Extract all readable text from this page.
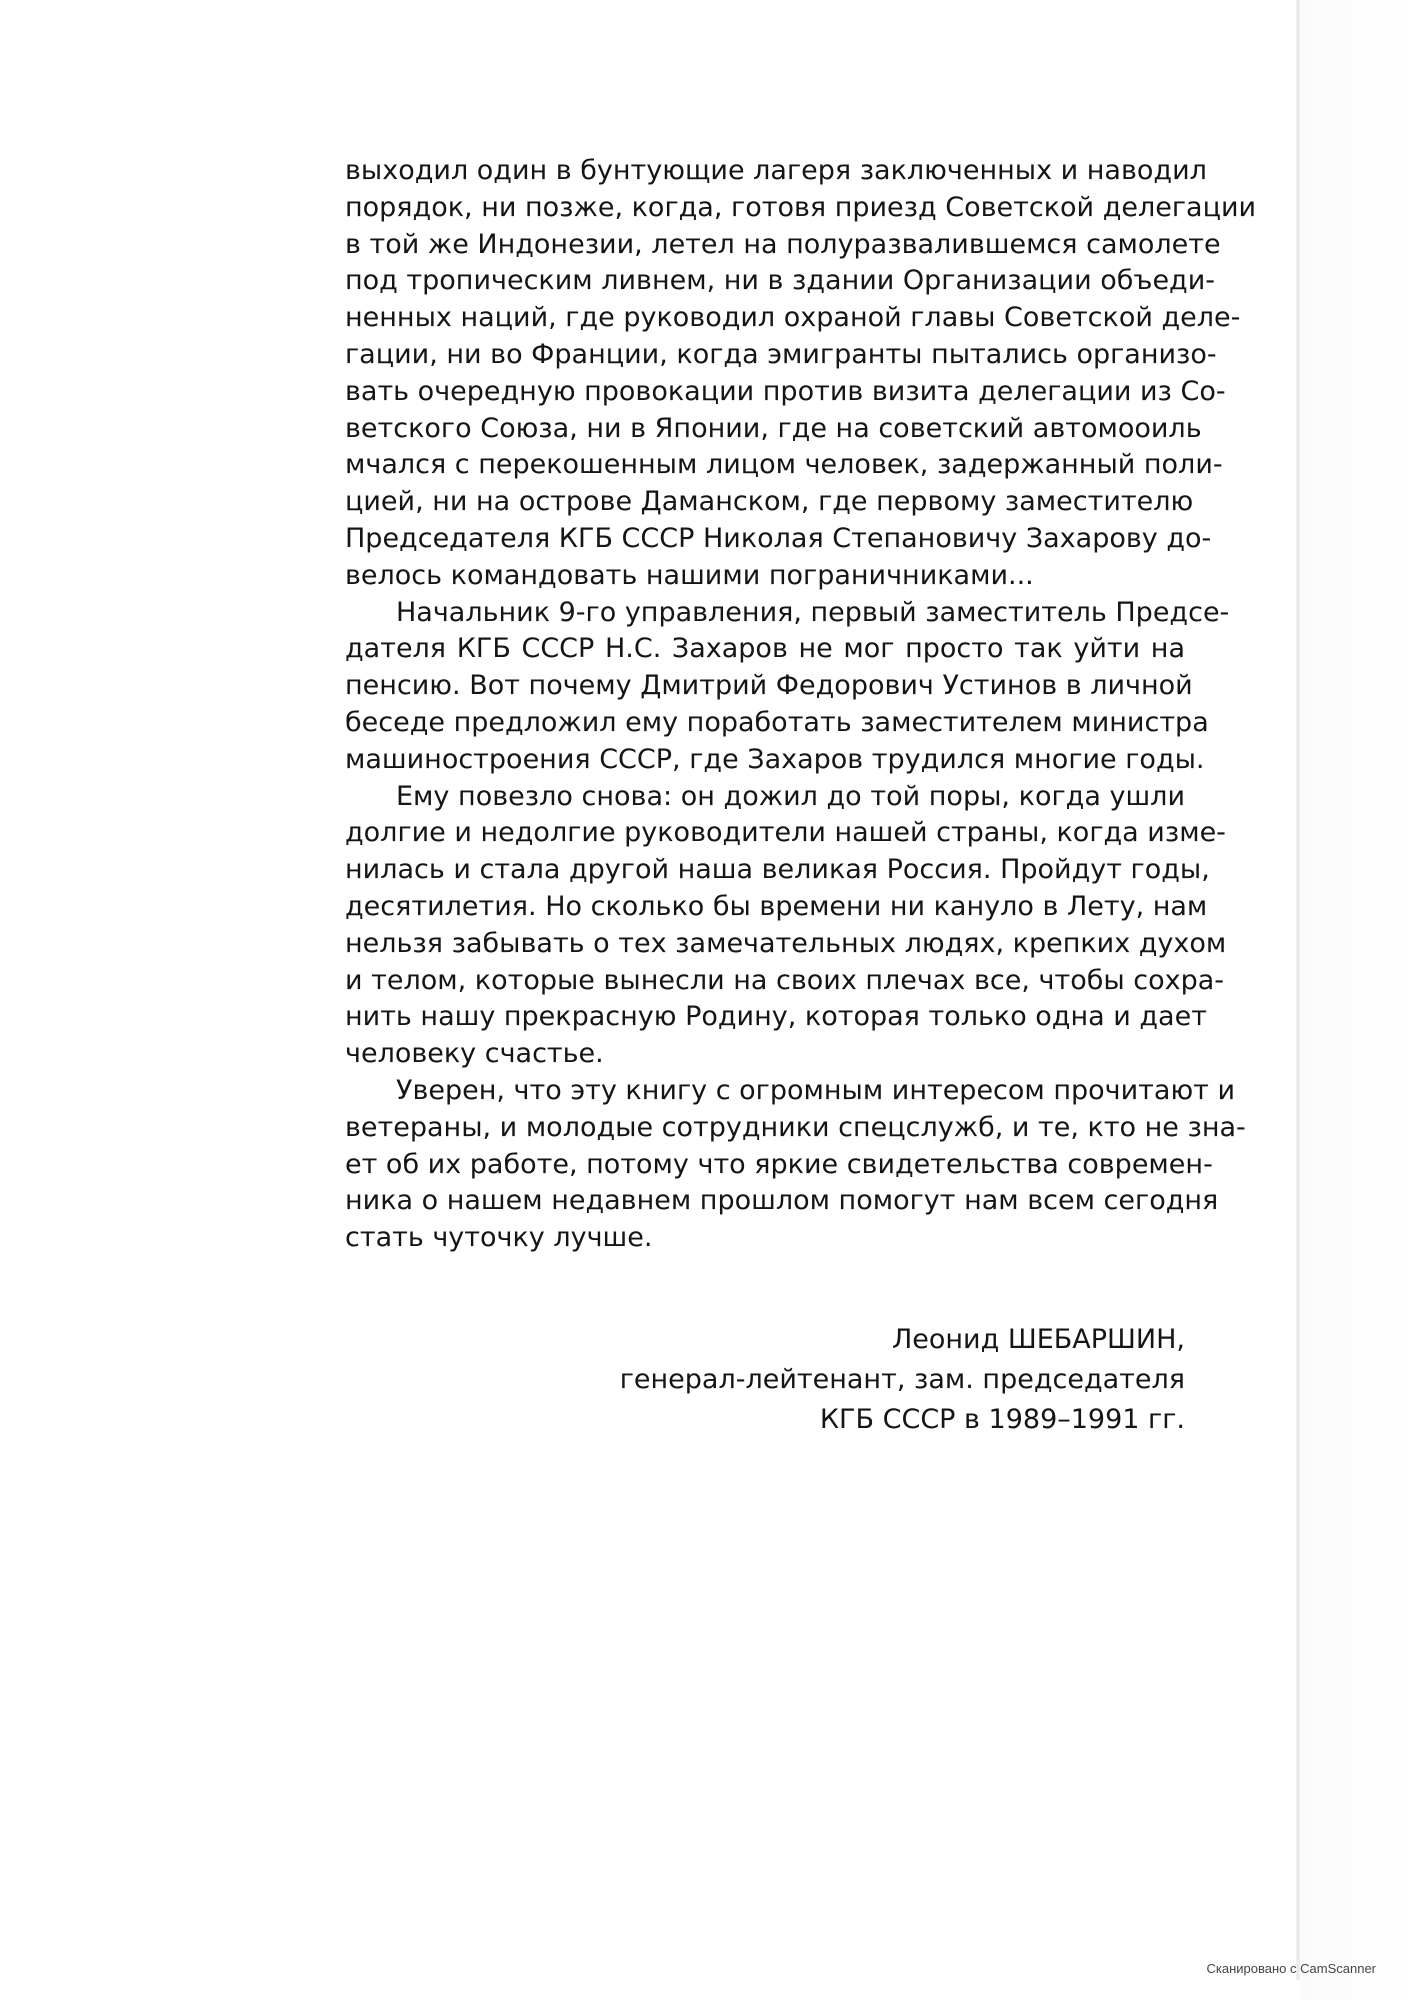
выходил один в бунтующие лагеря заключенных и наводил
порядок, ни позже, когда, готовя приезд Советской делегации
в той же Индонезии, летел на полуразвалившемся самолете
под тропическим ливнем, ни в здании Организации объеди-
ненных наций, где руководил охраной главы Советской деле-
гации, ни во Франции, когда эмигранты пытались организо-
вать очередную провокации против визита делегации из Со-
ветского Союза, ни в Японии, где на советский автомооиль
мчался с перекошенным лицом человек, задержанный поли-
цией, ни на острове Даманском, где первому заместителю
Председателя КГБ СССР Николая Степановичу Захарову до-
велось командовать нашими пограничниками...
Начальник 9-го управления, первый заместитель Предсе-
дателя КГБ СССР Н.С. Захаров не мог просто так уйти на
пенсию. Вот почему Дмитрий Федорович Устинов в личной
беседе предложил ему поработать заместителем министра
машиностроения СССР, где Захаров трудился многие годы.
Ему повезло снова: он дожил до той поры, когда ушли
долгие и недолгие руководители нашей страны, когда изме-
нилась и стала другой наша великая Россия. Пройдут годы,
десятилетия. Но сколько бы времени ни кануло в Лету, нам
нельзя забывать о тех замечательных людях, крепких духом
и телом, которые вынесли на своих плечах все, чтобы сохра-
нить нашу прекрасную Родину, которая только одна и дает
человеку счастье.
Уверен, что эту книгу с огромным интересом прочитают и
ветераны, и молодые сотрудники спецслужб, и те, кто не зна-
ет об их работе, потому что яркие свидетельства современ-
ника о нашем недавнем прошлом помогут нам всем сегодня
стать чуточку лучше.
Леонид ШЕБАРШИН,
генерал-лейтенант, зам. председателя
КГБ СССР в 1989–1991 гг.
Сканировано с CamScanner
